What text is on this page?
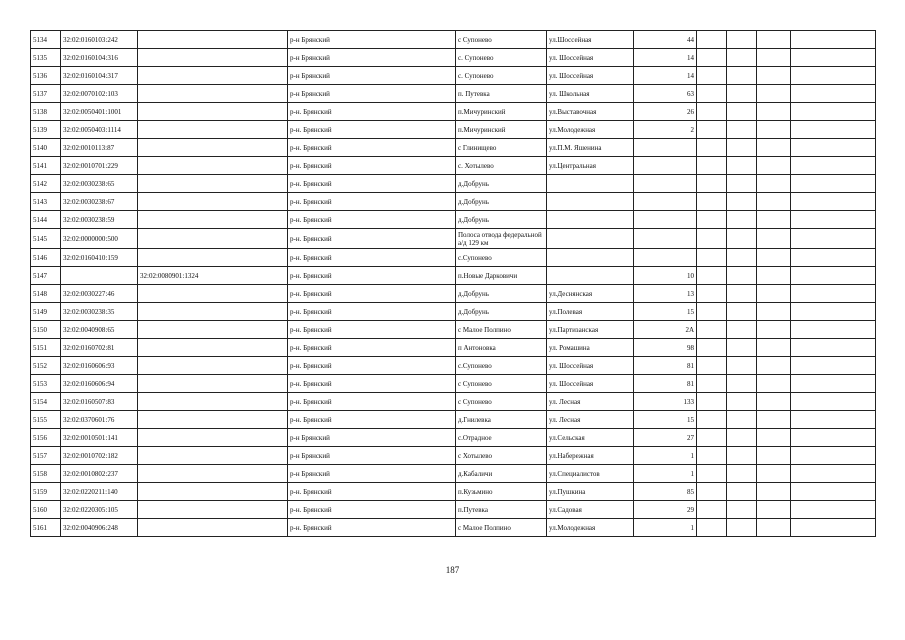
5134	32:02:0160103:242		р-н Брянский	с Супонево	ул.Шоссейная	44				
5135	32:02:0160104:316		р-н Брянский	с. Супонево	ул. Шоссейная	14				
5136	32:02:0160104:317		р-н Брянский	с. Супонево	ул. Шоссейная	14				
5137	32:02:0070102:103		р-н Брянский	п. Путевка	ул. Школьная	63				
5138	32:02:0050401:1001		р-н. Брянский	п.Мичуринский	ул.Выставочная	26				
5139	32:02:0050403:1114		р-н. Брянский	п.Мичуринский	ул.Молодежная	2				
5140	32:02:0010113:87		р-н. Брянский	с Глинищево	ул.П.М. Яшенина					
5141	32:02:0010701:229		р-н. Брянский	с. Хотылево	ул.Центральная					
5142	32:02:0030238:65		р-н. Брянский	д.Добрунь						
5143	32:02:0030238:67		р-н. Брянский	д.Добрунь						
5144	32:02:0030238:59		р-н. Брянский	д.Добрунь						
5145	32:02:0000000:500		р-н. Брянский	Полоса отвода федеральной а/д 129 км						
5146	32:02:0160410:159		р-н. Брянский	с.Супонево						
5147		32:02:0080901:1324	р-н. Брянский	п.Новые Дарковичи		10				
5148	32:02:0030227:46		р-н. Брянский	д.Добрунь	ул.Деснянская	13				
5149	32:02:0030238:35		р-н. Брянский	д.Добрунь	ул.Полевая	15				
5150	32:02:0040908:65		р-н. Брянский	с Малое Полпино	ул.Партизанская	2А				
5151	32:02:0160702:81		р-н. Брянский	п Антоновка	ул. Ромашина	98				
5152	32:02:0160606:93		р-н. Брянский	с.Супонево	ул. Шоссейная	81				
5153	32:02:0160606:94		р-н. Брянский	с Супонево	ул. Шоссейная	81				
5154	32:02:0160507:83		р-н. Брянский	с Супонево	ул. Лесная	133				
5155	32:02:0370601:76		р-н. Брянский	д.Гнилевка	ул. Лесная	15				
5156	32:02:0010501:141		р-н Брянский	с.Отрадное	ул.Сельская	27				
5157	32:02:0010702:182		р-н Брянский	с Хотылево	ул.Набережная	1				
5158	32:02:0010802:237		р-н Брянский	д.Кабаличи	ул.Специалистов	1				
5159	32:02:0220211:140		р-н. Брянский	п.Кузьмино	ул.Пушкина	85				
5160	32:02:0220305:105		р-н. Брянский	п.Путевка	ул.Садовая	29				
5161	32:02:0040906:248		р-н. Брянский	с Малое Полпино	ул.Молодежная	1				
187
